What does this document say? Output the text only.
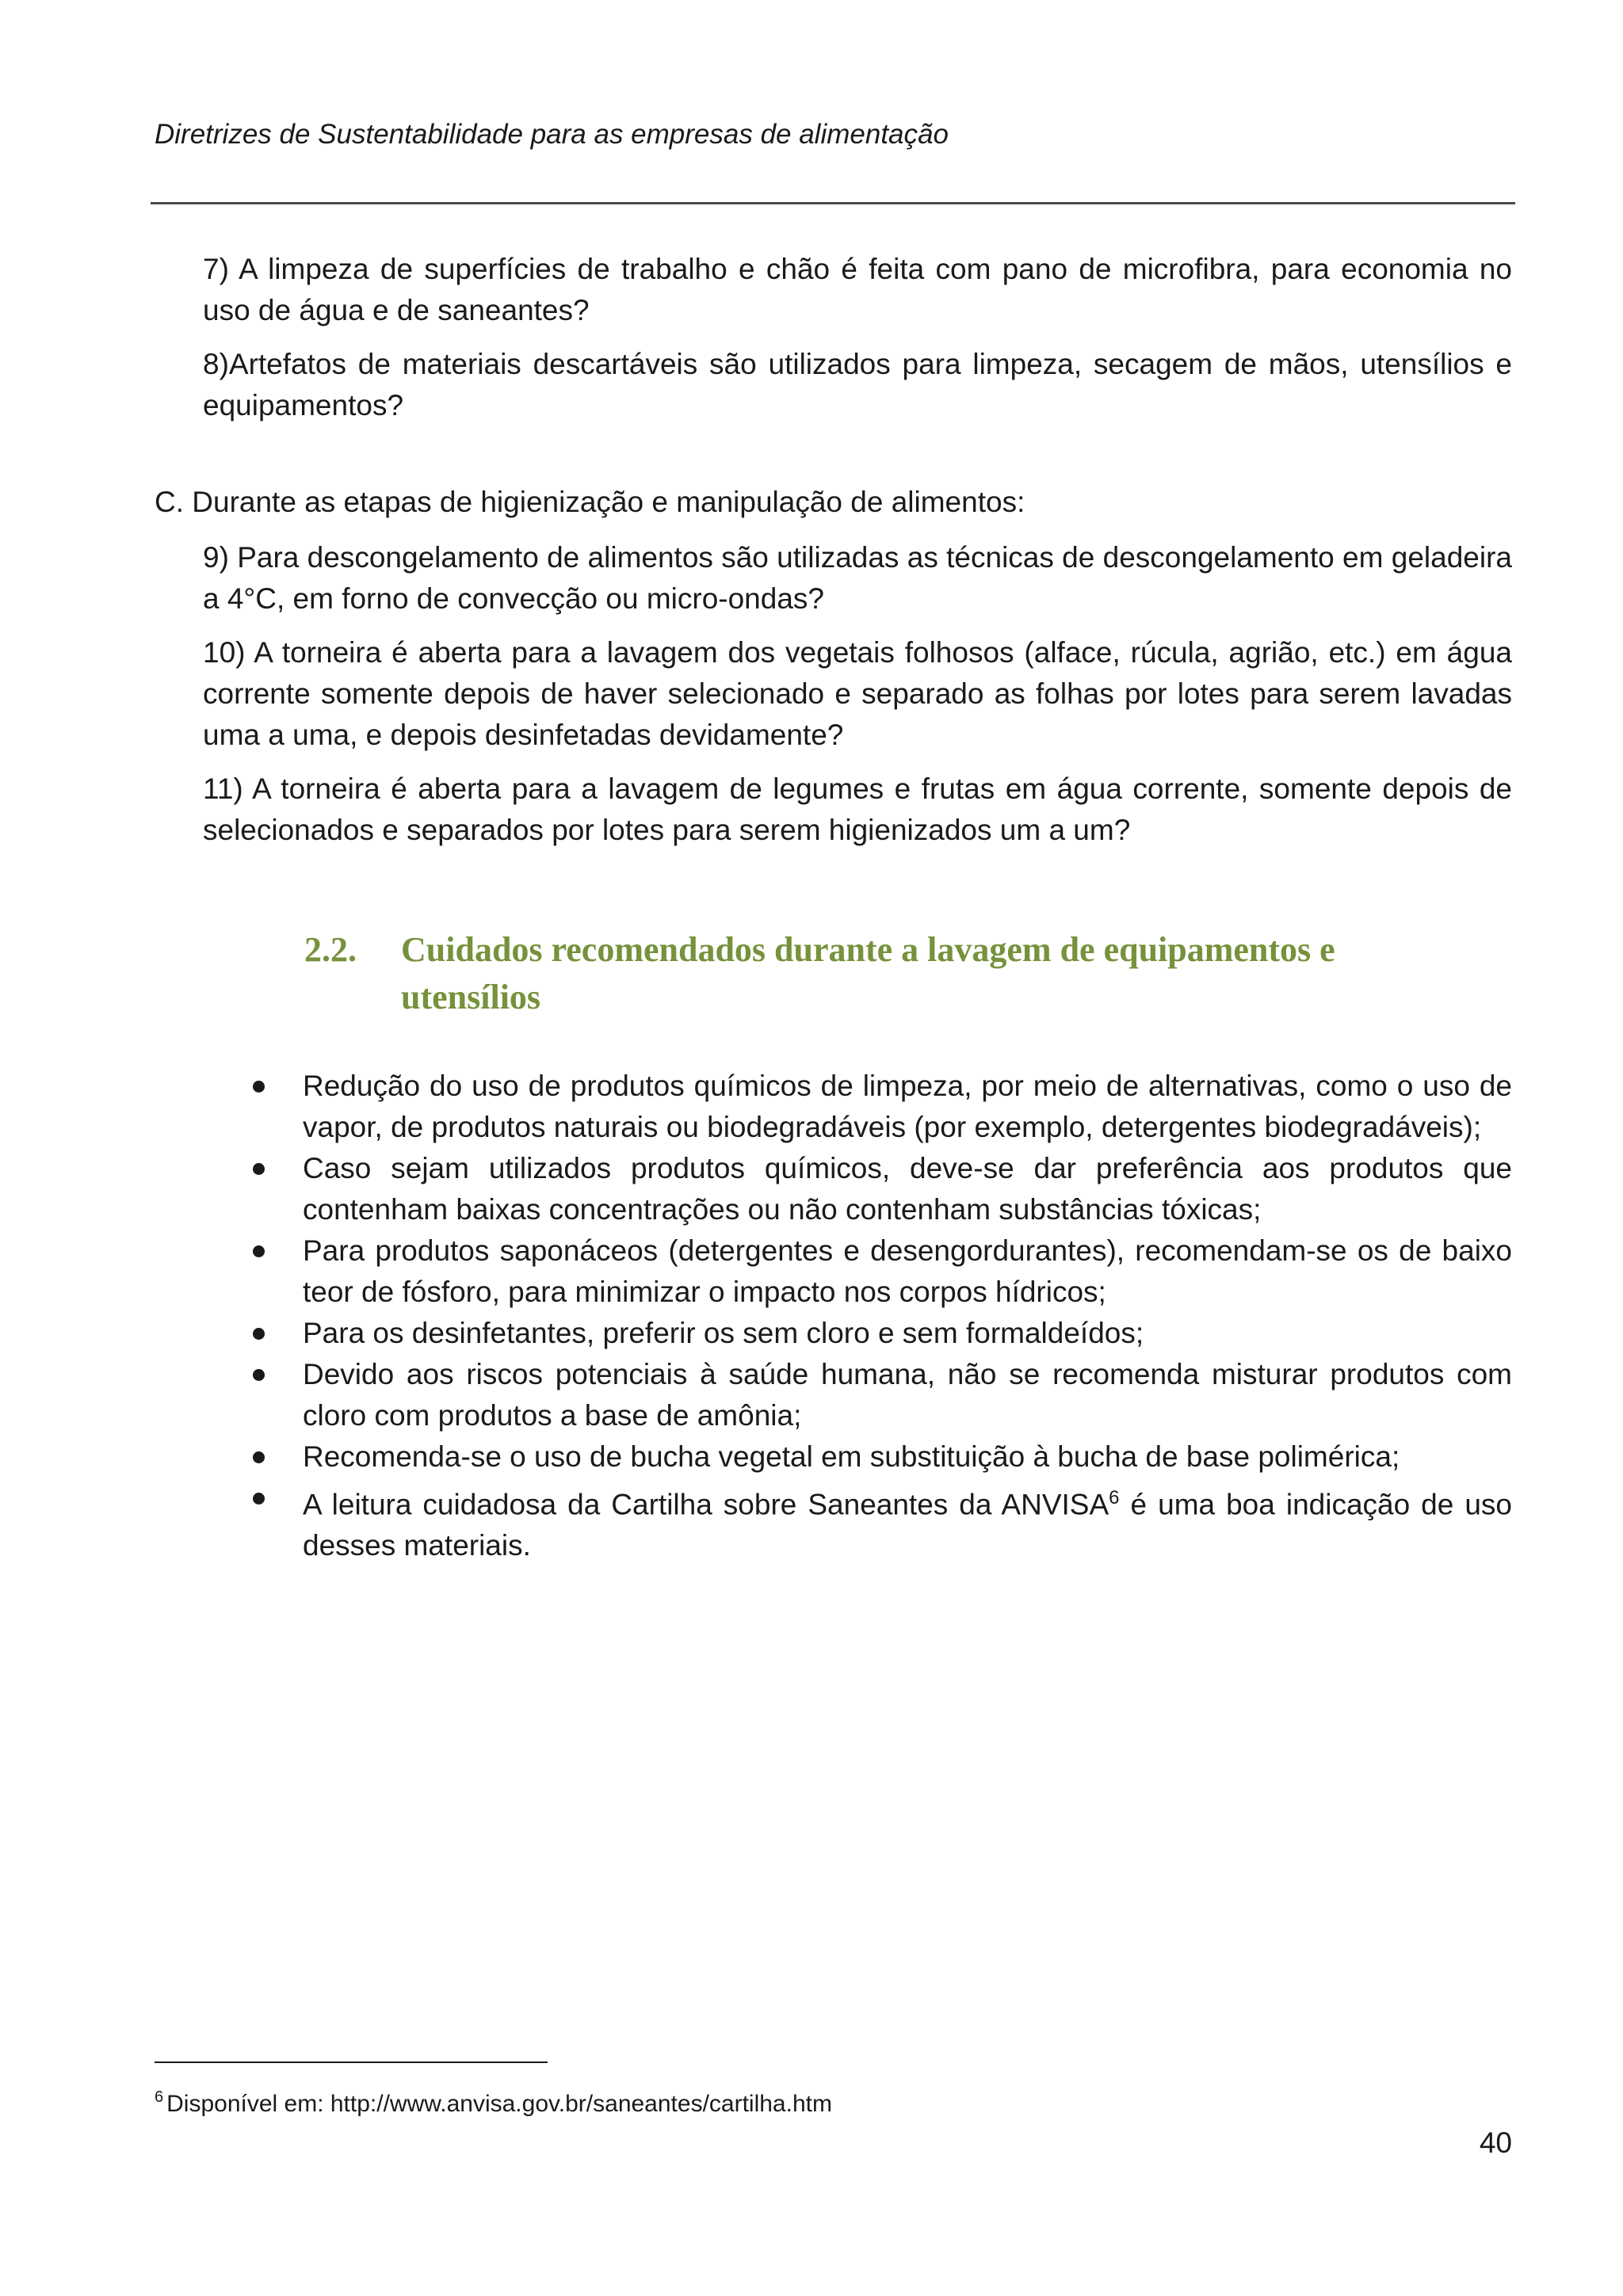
Diretrizes de Sustentabilidade para as empresas de alimentação

7) A limpeza de superfícies de trabalho e chão é feita com pano de microfibra, para economia no uso de água e de saneantes?

8)Artefatos de materiais descartáveis são utilizados para limpeza, secagem de mãos, utensílios e equipamentos?

C. Durante as etapas de higienização e manipulação de alimentos:

9) Para descongelamento de alimentos são utilizadas as técnicas de descongelamento em geladeira a 4°C, em forno de convecção ou micro-ondas?

10) A torneira é aberta para a lavagem dos vegetais folhosos (alface, rúcula, agrião, etc.) em água corrente somente depois de haver selecionado e separado as folhas por lotes para serem lavadas uma a uma, e depois desinfetadas devidamente?

11) A torneira é aberta para a lavagem de legumes e frutas em água corrente, somente depois de selecionados e separados por lotes para serem higienizados um a um?

2.2.	Cuidados recomendados durante a lavagem de equipamentos e utensílios
Redução do uso de produtos químicos de limpeza, por meio de alternativas, como o uso de vapor, de produtos naturais ou biodegradáveis (por exemplo, detergentes biodegradáveis);
Caso sejam utilizados produtos químicos, deve-se dar preferência aos produtos que contenham baixas concentrações ou não contenham substâncias tóxicas;
Para produtos saponáceos (detergentes e desengordurantes), recomendam-se os de baixo teor de fósforo, para minimizar o impacto nos corpos hídricos;
Para os desinfetantes, preferir os sem cloro e sem formaldeídos;
Devido aos riscos potenciais à saúde humana, não se recomenda misturar produtos com cloro com produtos a base de amônia;
Recomenda-se o uso de bucha vegetal em substituição à bucha de base polimérica;
A leitura cuidadosa da Cartilha sobre Saneantes da ANVISA$^6$ é uma boa indicação de uso desses materiais.

$^6$ Disponível em: http://www.anvisa.gov.br/saneantes/cartilha.htm

40
